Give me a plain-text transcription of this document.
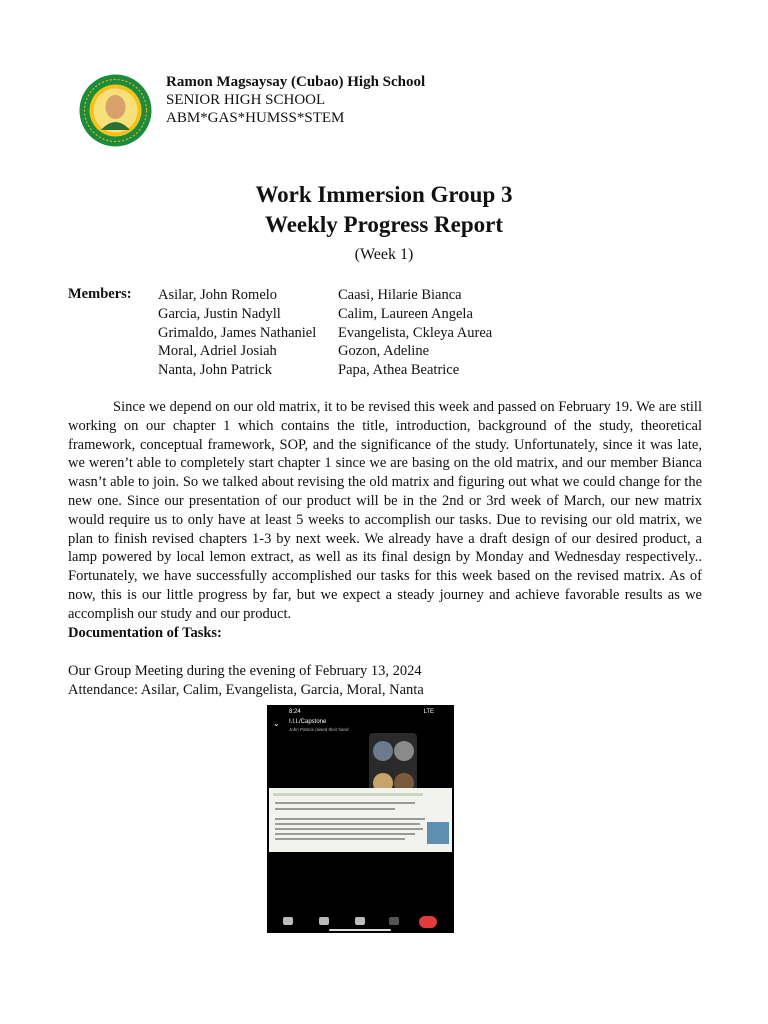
Ramon Magsaysay (Cubao) High School
SENIOR HIGH SCHOOL
ABM*GAS*HUMSS*STEM
Work Immersion Group 3
Weekly Progress Report
(Week 1)
Members: Asilar, John Romelo
Garcia, Justin Nadyll
Grimaldo, James Nathaniel
Moral, Adriel Josiah
Nanta, John Patrick
Caasi, Hilarie Bianca
Calim, Laureen Angela
Evangelista, Ckleya Aurea
Gozon, Adeline
Papa, Athea Beatrice
Since we depend on our old matrix, it to be revised this week and passed on February 19. We are still working on our chapter 1 which contains the title, introduction, background of the study, theoretical framework, conceptual framework, SOP, and the significance of the study. Unfortunately, since it was late, we weren’t able to completely start chapter 1 since we are basing on the old matrix, and our member Bianca wasn’t able to join. So we talked about revising the old matrix and figuring out what we could change for the new one. Since our presentation of our product will be in the 2nd or 3rd week of March, our new matrix would require us to only have at least 5 weeks to accomplish our tasks. Due to revising our old matrix, we plan to finish revised chapters 1-3 by next week. We already have a draft design of our desired product, a lamp powered by local lemon extract, as well as its final design by Monday and Wednesday respectively.. Fortunately, we have successfully accomplished our tasks for this week based on the revised matrix. As of now, this is our little progress by far, but we expect a steady journey and achieve favorable results as we accomplish our study and our product.
Documentation of Tasks:
Our Group Meeting during the evening of February 13, 2024
Attendance: Asilar, Calim, Evangelista, Garcia, Moral, Nanta
8:24	LTE
⌄ I.I.I./Capstone
John Patrick raised their hand
